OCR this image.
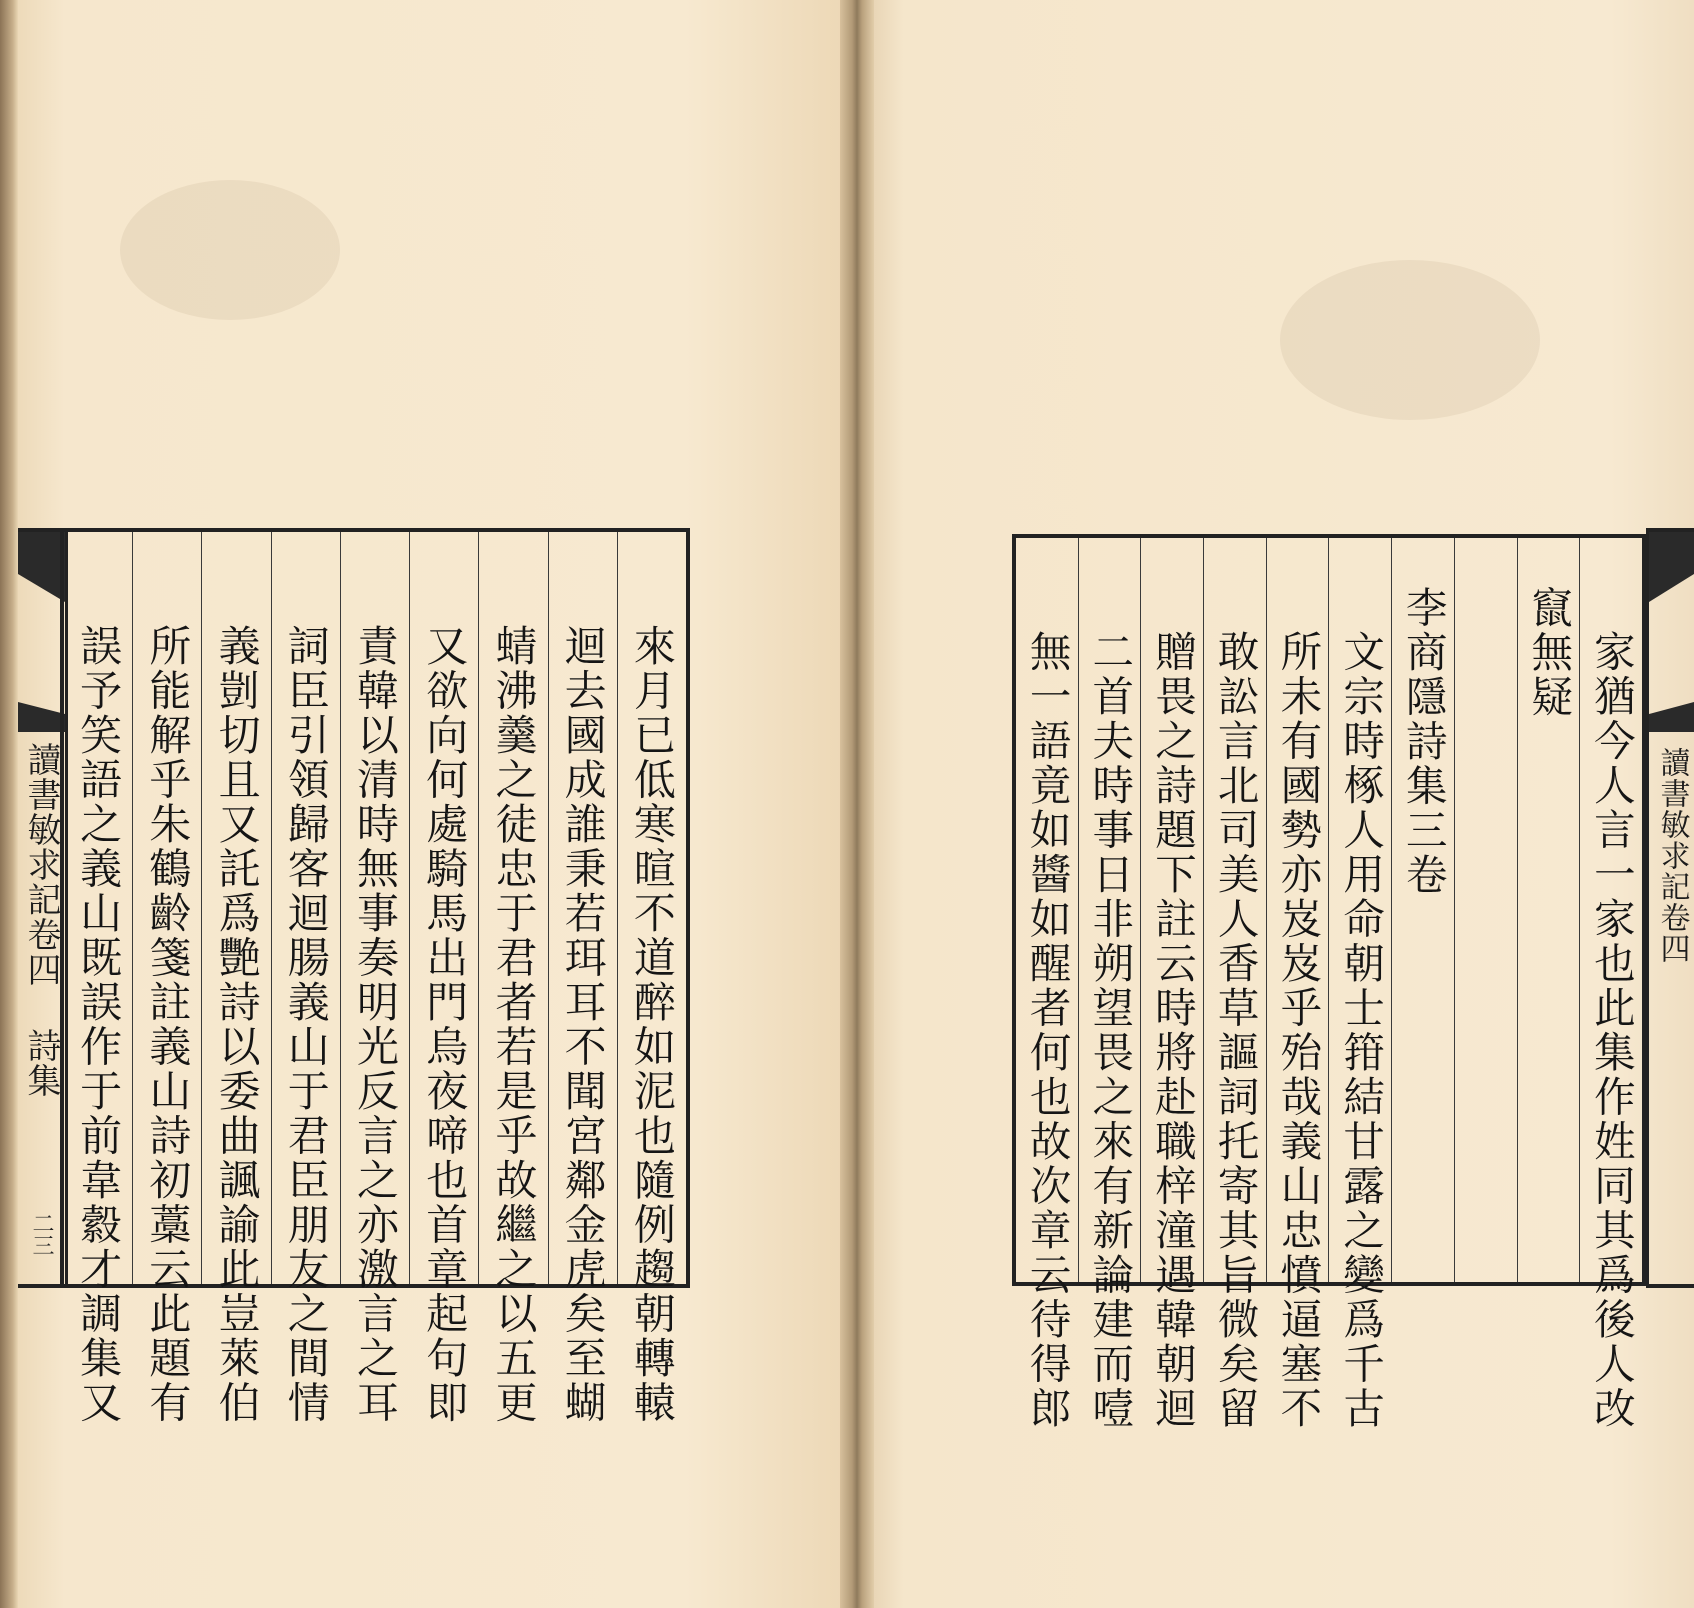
讀書敏求記卷四 詩集
二三	來月已低寒暄不道醉如泥也隨例趨朝轉轅
迴去國成誰秉若珥耳不聞宮鄰金虎矣至蝴
蜻沸羹之徒忠于君者若是乎故繼之以五更
又欲向何處騎馬出門烏夜啼也首章起句即
責韓以清時無事奏明光反言之亦激言之耳
詞臣引領歸客迴腸義山于君臣朋友之間情
義剴切且又託爲艷詩以委曲諷諭此豈萊伯
所能解乎朱鶴齡箋註義山詩初藁云此題有
誤予笑語之義山既誤作于前韋縠才調集又	家猶今人言一家也此集作姓同其爲後人改
竄無疑
李商隱詩集三卷
文宗時椓人用命朝士箝結甘露之變爲千古
所未有國勢亦岌岌乎殆哉義山忠憤逼塞不
敢訟言北司美人香草謳詞托寄其旨微矣留
贈畏之詩題下註云時將赴職梓潼遇韓朝迴
二首夫時事日非朔望畏之來有新論建而噎
無一語竟如醬如醒者何也故次章云待得郎	讀書敏求記卷四
